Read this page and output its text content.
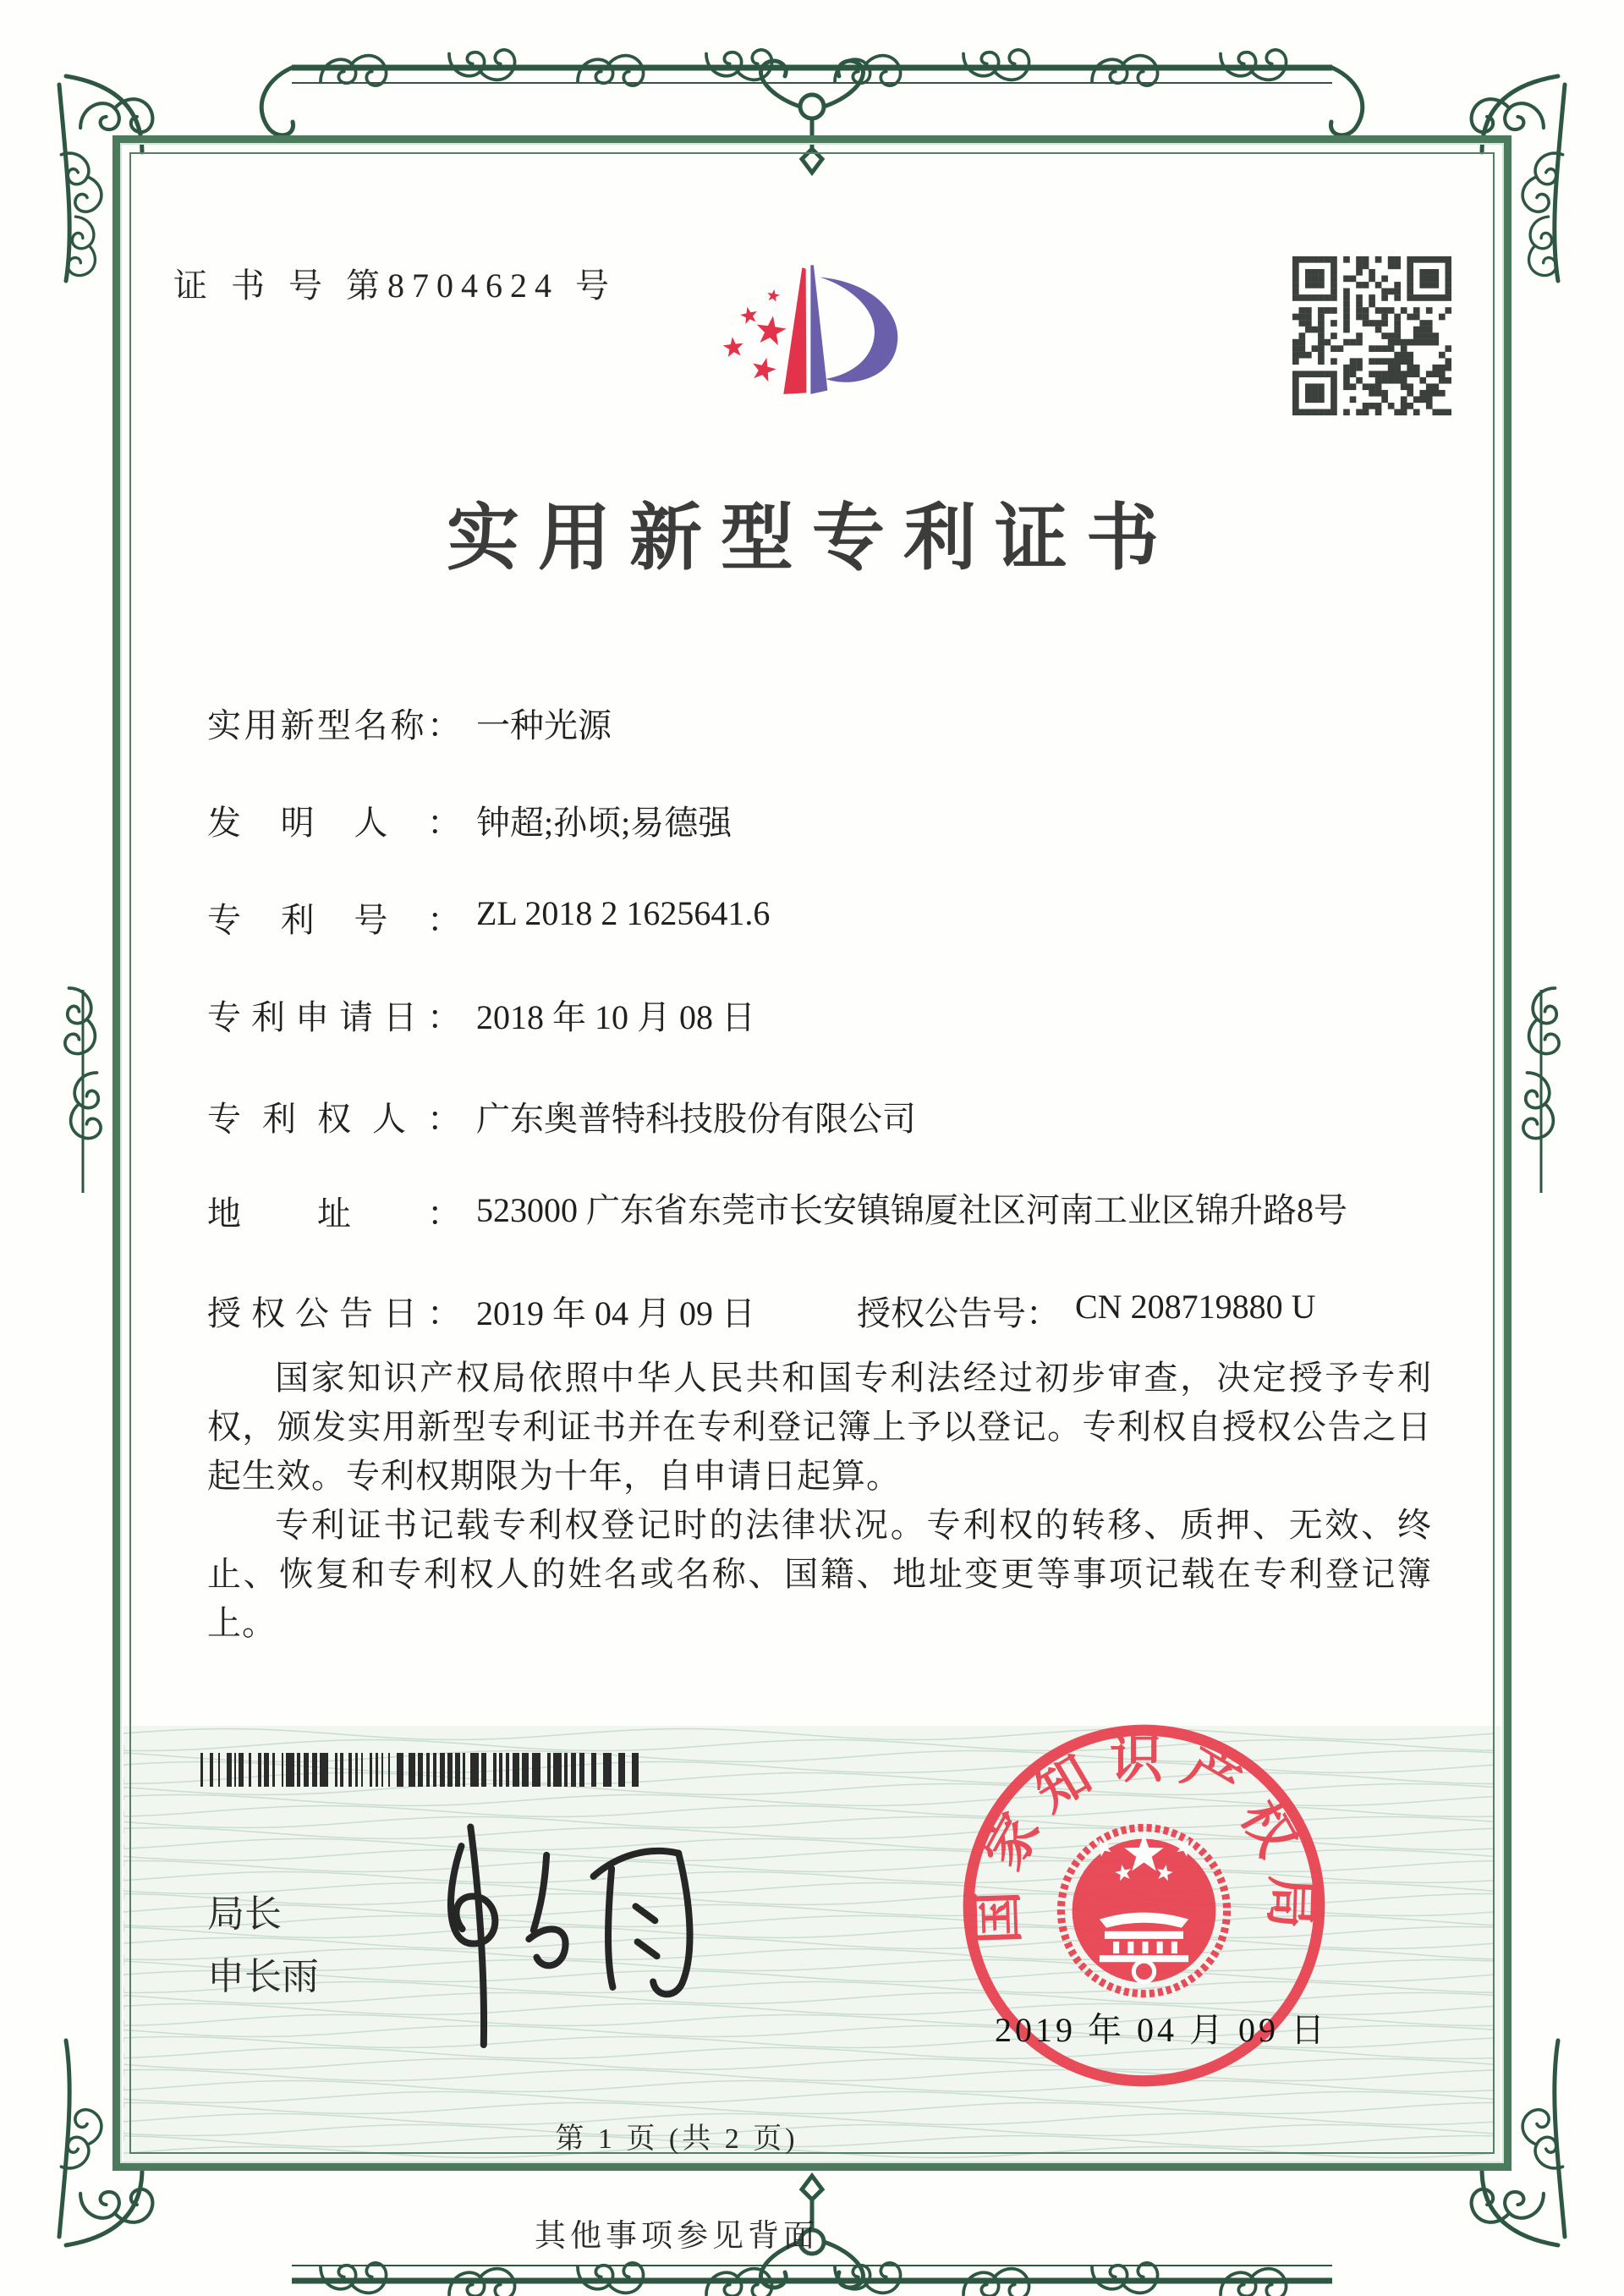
证 书 号 第8704624 号
实用新型专利证书
实用新型名称： 一种光源
发明人： 钟超;孙顷;易德强
专利号： ZL 2018 2 1625641.6
专利申请日： 2018 年 10 月 08 日
专利权人： 广东奥普特科技股份有限公司
地址： 523000 广东省东莞市长安镇锦厦社区河南工业区锦升路8号
授权公告日： 2019 年 04 月 09 日	授权公告号： CN 208719880 U

国家知识产权局依照中华人民共和国专利法经过初步审查，决定授予专利权，颁发实用新型专利证书并在专利登记簿上予以登记。专利权自授权公告之日起生效。专利权期限为十年，自申请日起算。

专利证书记载专利权登记时的法律状况。专利权的转移、质押、无效、终止、恢复和专利权人的姓名或名称、国籍、地址变更等事项记载在专利登记簿上。

局长
申长雨
国家知识产权局
2019 年 04 月 09 日
第 1 页 (共 2 页)
其他事项参见背面
